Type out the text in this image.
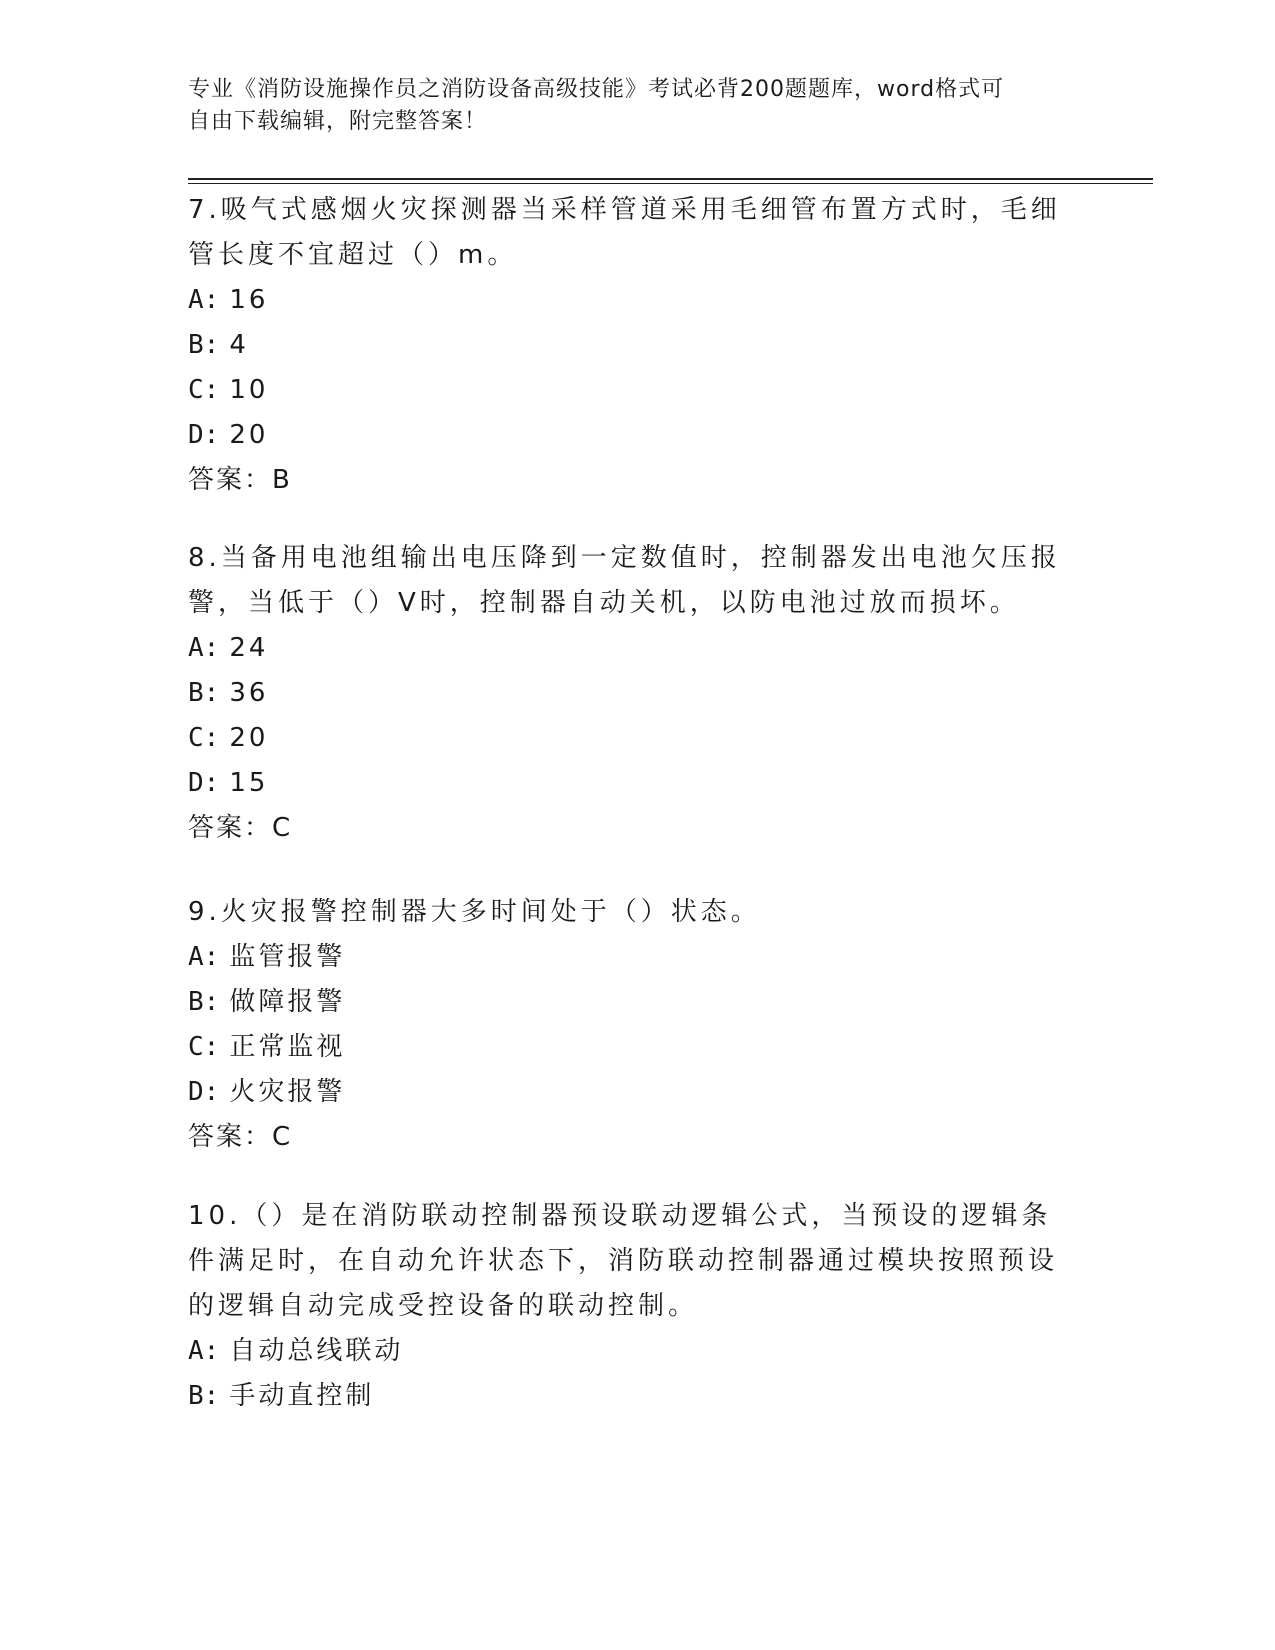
专业《消防设施操作员之消防设备高级技能》考试必背200题题库，word格式可
自由下载编辑，附完整答案！

7.吸气式感烟火灾探测器当采样管道采用毛细管布置方式时，毛细管长度不宜超过（）m。

A: 16

B: 4

C: 10

D: 20

答案：B

8.当备用电池组输出电压降到一定数值时，控制器发出电池欠压报警，当低于（）V时，控制器自动关机，以防电池过放而损坏。

A: 24

B: 36

C: 20

D: 15

答案：C

9.火灾报警控制器大多时间处于（）状态。

A: 监管报警

B: 做障报警

C: 正常监视

D: 火灾报警

答案：C

10.（）是在消防联动控制器预设联动逻辑公式，当预设的逻辑条件满足时，在自动允许状态下，消防联动控制器通过模块按照预设的逻辑自动完成受控设备的联动控制。

A: 自动总线联动

B: 手动直控制
